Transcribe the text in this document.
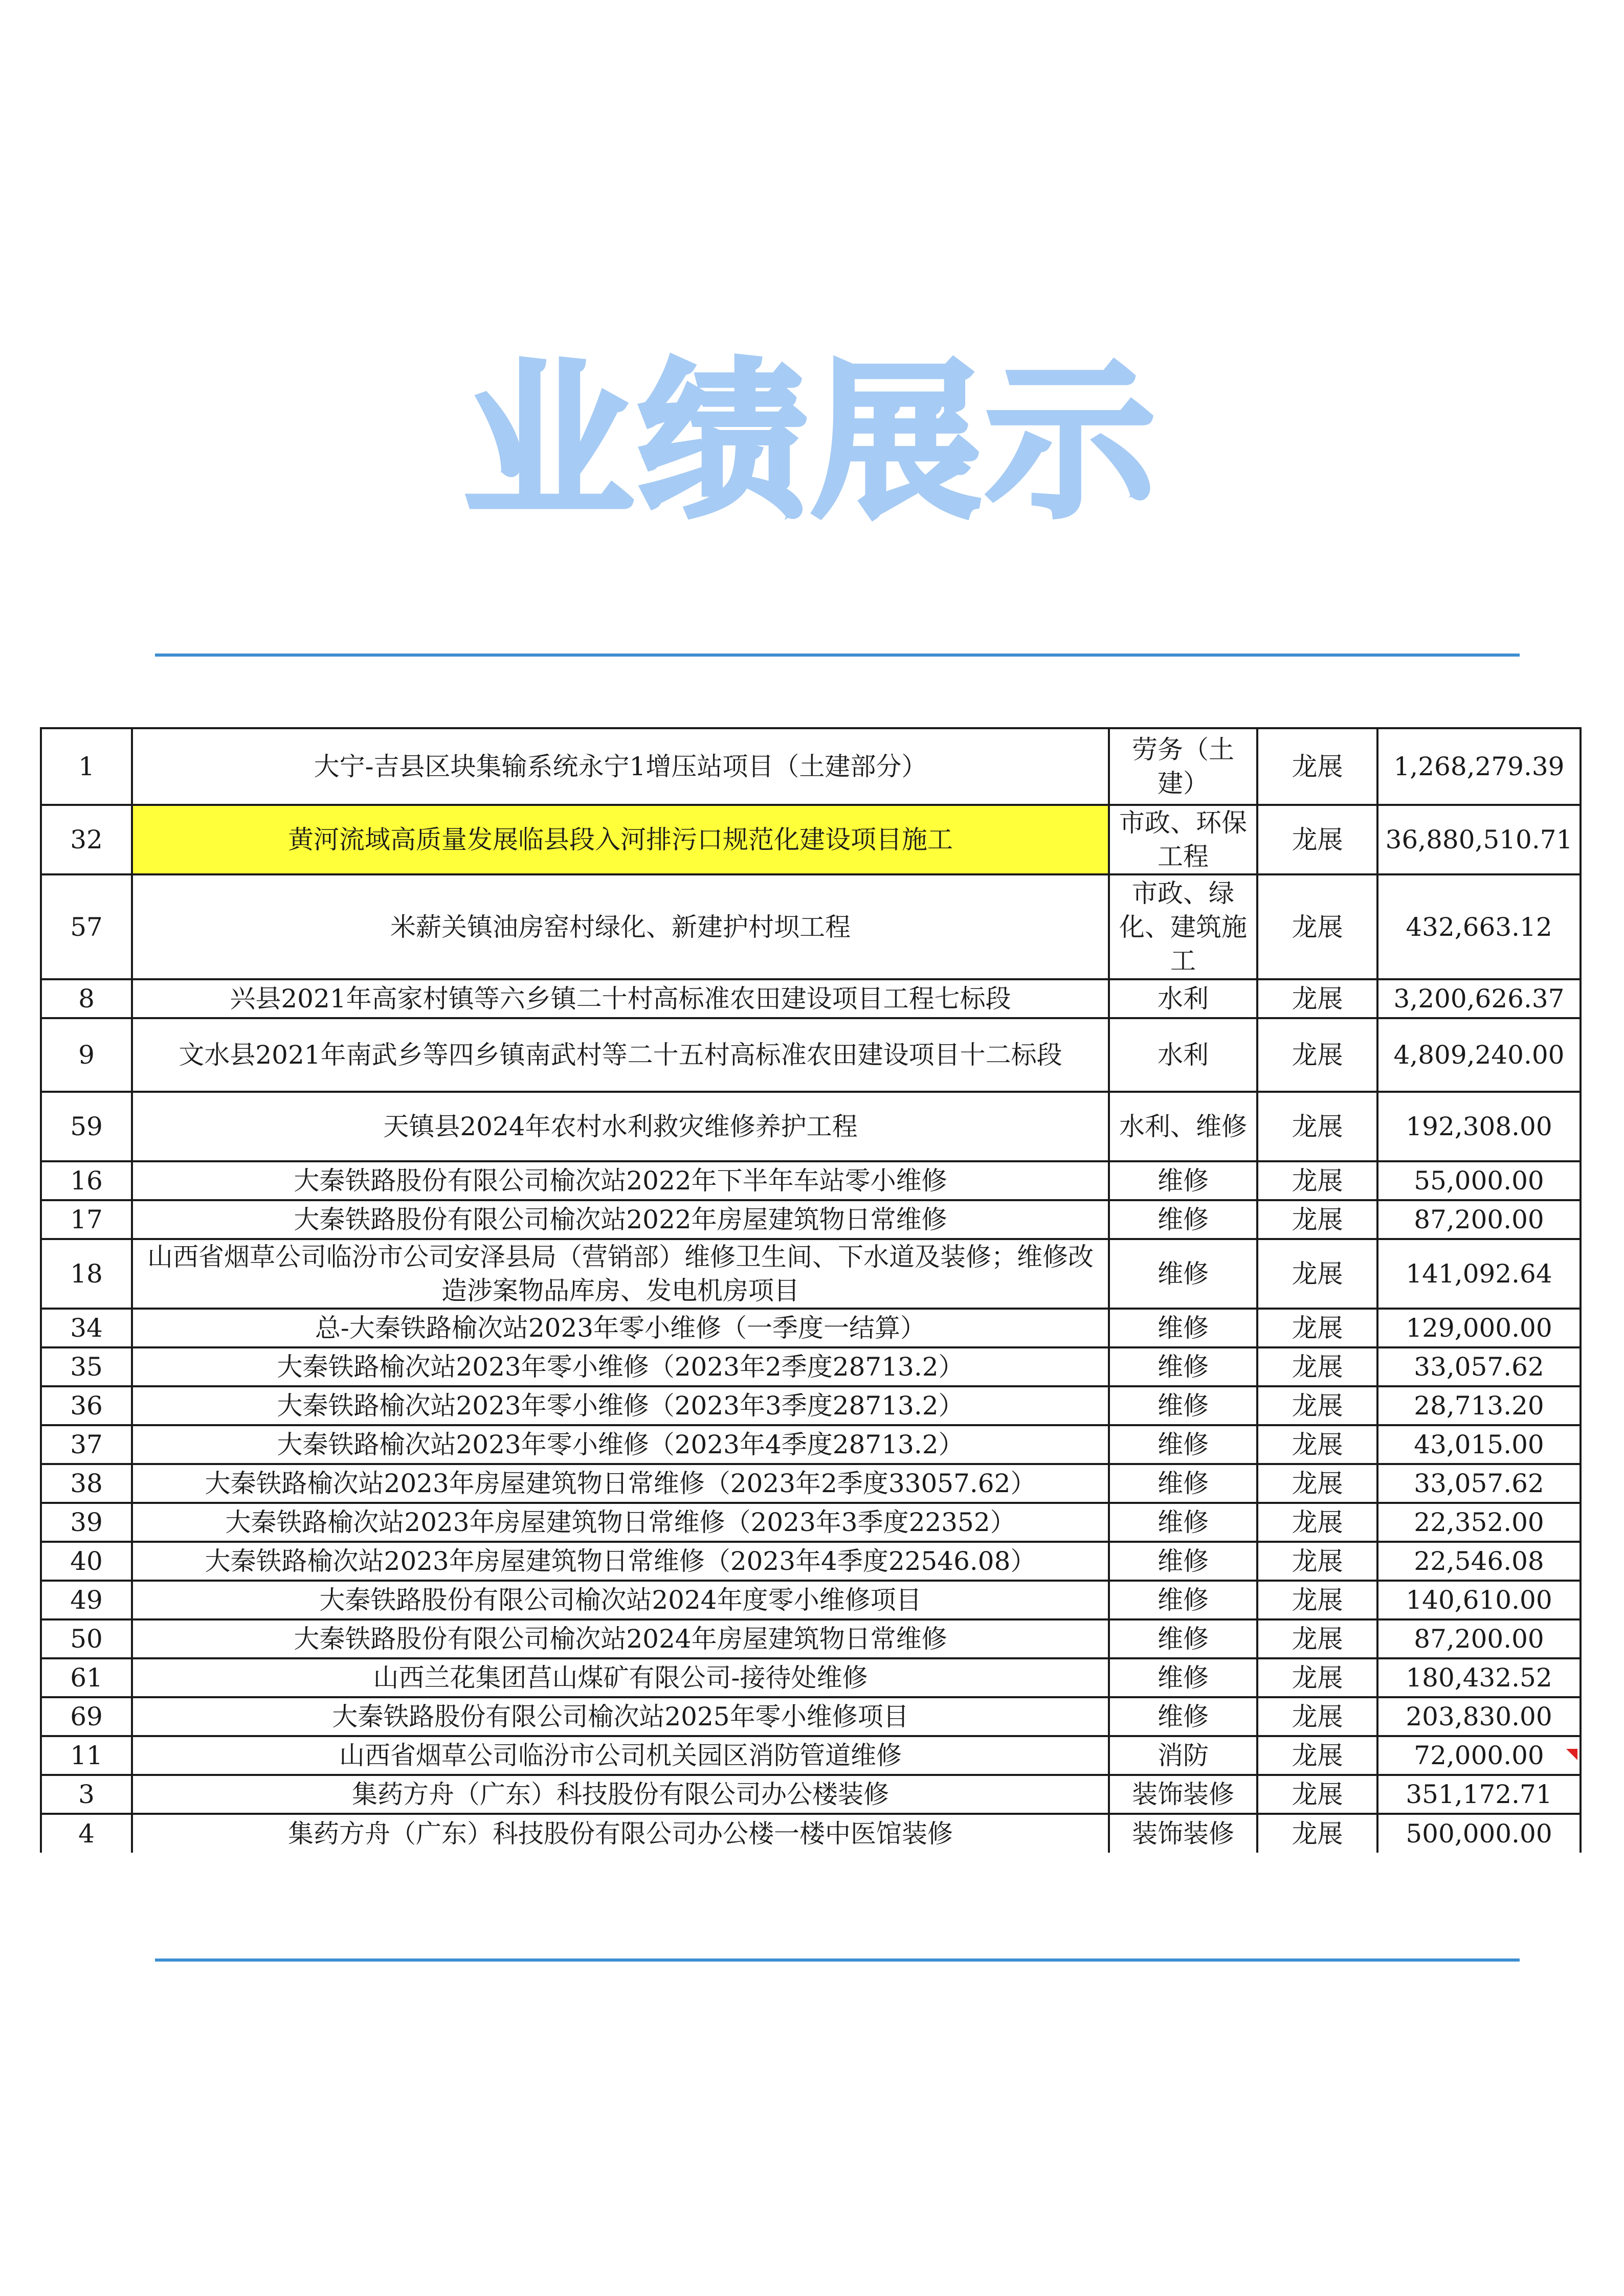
业绩展示
1	大宁-吉县区块集输系统永宁1增压站项目（土建部分）	劳务（土建）	龙展	1,268,279.39
32	黄河流域高质量发展临县段入河排污口规范化建设项目施工	市政、环保工程	龙展	36,880,510.71
57	米薪关镇油房窑村绿化、新建护村坝工程	市政、绿化、建筑施工	龙展	432,663.12
8	兴县2021年高家村镇等六乡镇二十村高标准农田建设项目工程七标段	水利	龙展	3,200,626.37
9	文水县2021年南武乡等四乡镇南武村等二十五村高标准农田建设项目十二标段	水利	龙展	4,809,240.00
59	天镇县2024年农村水利救灾维修养护工程	水利、维修	龙展	192,308.00
16	大秦铁路股份有限公司榆次站2022年下半年车站零小维修	维修	龙展	55,000.00
17	大秦铁路股份有限公司榆次站2022年房屋建筑物日常维修	维修	龙展	87,200.00
18	山西省烟草公司临汾市公司安泽县局（营销部）维修卫生间、下水道及装修；维修改造涉案物品库房、发电机房项目	维修	龙展	141,092.64
34	总-大秦铁路榆次站2023年零小维修（一季度一结算）	维修	龙展	129,000.00
35	大秦铁路榆次站2023年零小维修（2023年2季度28713.2）	维修	龙展	33,057.62
36	大秦铁路榆次站2023年零小维修（2023年3季度28713.2）	维修	龙展	28,713.20
37	大秦铁路榆次站2023年零小维修（2023年4季度28713.2）	维修	龙展	43,015.00
38	大秦铁路榆次站2023年房屋建筑物日常维修（2023年2季度33057.62）	维修	龙展	33,057.62
39	大秦铁路榆次站2023年房屋建筑物日常维修（2023年3季度22352）	维修	龙展	22,352.00
40	大秦铁路榆次站2023年房屋建筑物日常维修（2023年4季度22546.08）	维修	龙展	22,546.08
49	大秦铁路股份有限公司榆次站2024年度零小维修项目	维修	龙展	140,610.00
50	大秦铁路股份有限公司榆次站2024年房屋建筑物日常维修	维修	龙展	87,200.00
61	山西兰花集团莒山煤矿有限公司-接待处维修	维修	龙展	180,432.52
69	大秦铁路股份有限公司榆次站2025年零小维修项目	维修	龙展	203,830.00
11	山西省烟草公司临汾市公司机关园区消防管道维修	消防	龙展	72,000.00
3	集药方舟（广东）科技股份有限公司办公楼装修	装饰装修	龙展	351,172.71
4	集药方舟（广东）科技股份有限公司办公楼一楼中医馆装修	装饰装修	龙展	500,000.00
